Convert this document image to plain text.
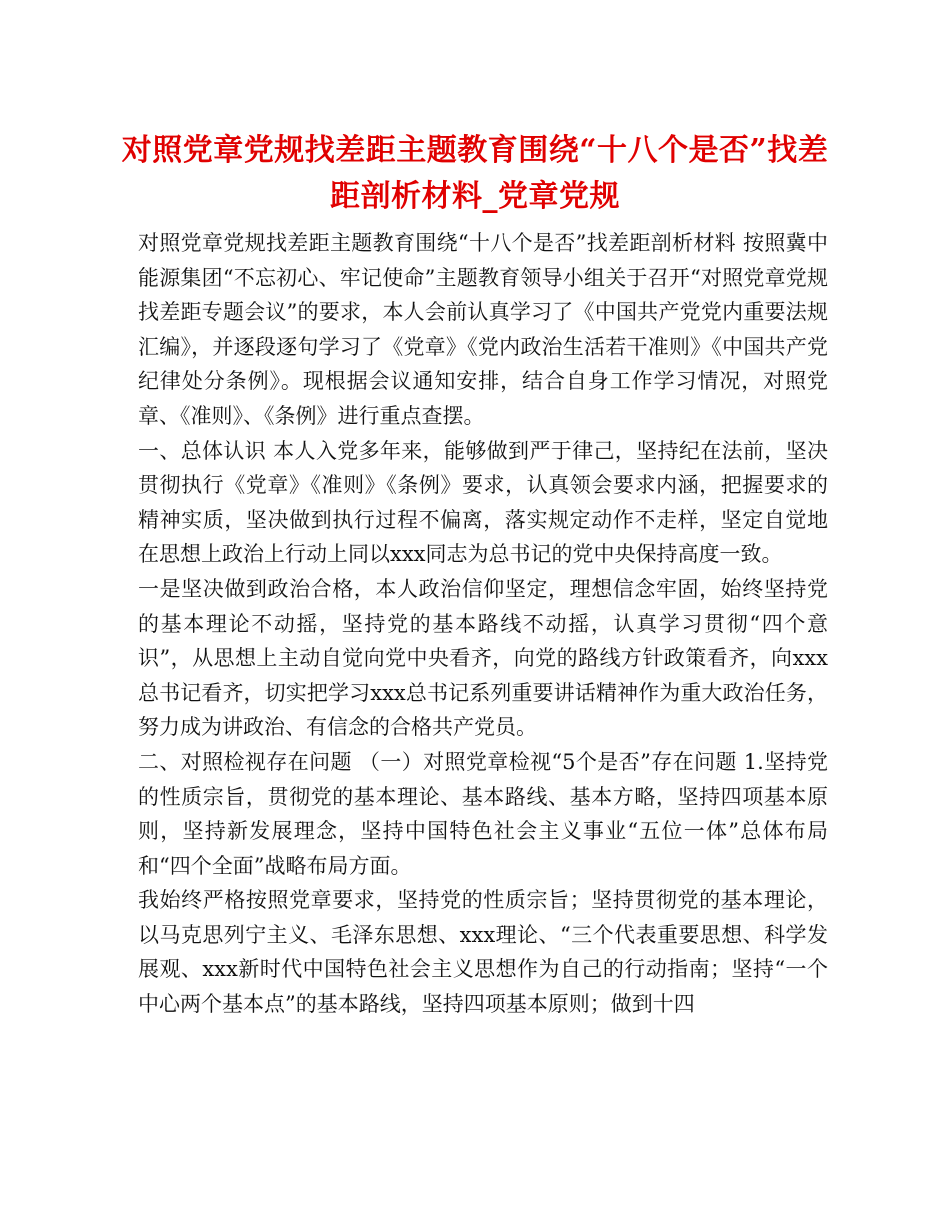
对照党章党规找差距主题教育围绕“十八个是否”找差距剖析材料_党章党规

对照党章党规找差距主题教育围绕“十八个是否”找差距剖析材料 按照冀中能源集团“不忘初心、牢记使命”主题教育领导小组关于召开“对照党章党规找差距专题会议”的要求，本人会前认真学习了《中国共产党党内重要法规汇编》，并逐段逐句学习了《党章》《党内政治生活若干准则》《中国共产党纪律处分条例》。现根据会议通知安排，结合自身工作学习情况，对照党章、《准则》、《条例》进行重点查摆。

一、总体认识 本人入党多年来，能够做到严于律己，坚持纪在法前，坚决贯彻执行《党章》《准则》《条例》要求，认真领会要求内涵，把握要求的精神实质，坚决做到执行过程不偏离，落实规定动作不走样，坚定自觉地在思想上政治上行动上同以xxx同志为总书记的党中央保持高度一致。

一是坚决做到政治合格，本人政治信仰坚定，理想信念牢固，始终坚持党的基本理论不动摇，坚持党的基本路线不动摇，认真学习贯彻“四个意识”，从思想上主动自觉向党中央看齐，向党的路线方针政策看齐，向xxx总书记看齐，切实把学习xxx总书记系列重要讲话精神作为重大政治任务，努力成为讲政治、有信念的合格共产党员。

二、对照检视存在问题 （一）对照党章检视“5个是否”存在问题 1.坚持党的性质宗旨，贯彻党的基本理论、基本路线、基本方略，坚持四项基本原则，坚持新发展理念，坚持中国特色社会主义事业“五位一体”总体布局和“四个全面”战略布局方面。

我始终严格按照党章要求，坚持党的性质宗旨；坚持贯彻党的基本理论，以马克思列宁主义、毛泽东思想、xxx理论、“三个代表重要思想、科学发展观、xxx新时代中国特色社会主义思想作为自己的行动指南；坚持“一个中心两个基本点”的基本路线，坚持四项基本原则；做到十四
